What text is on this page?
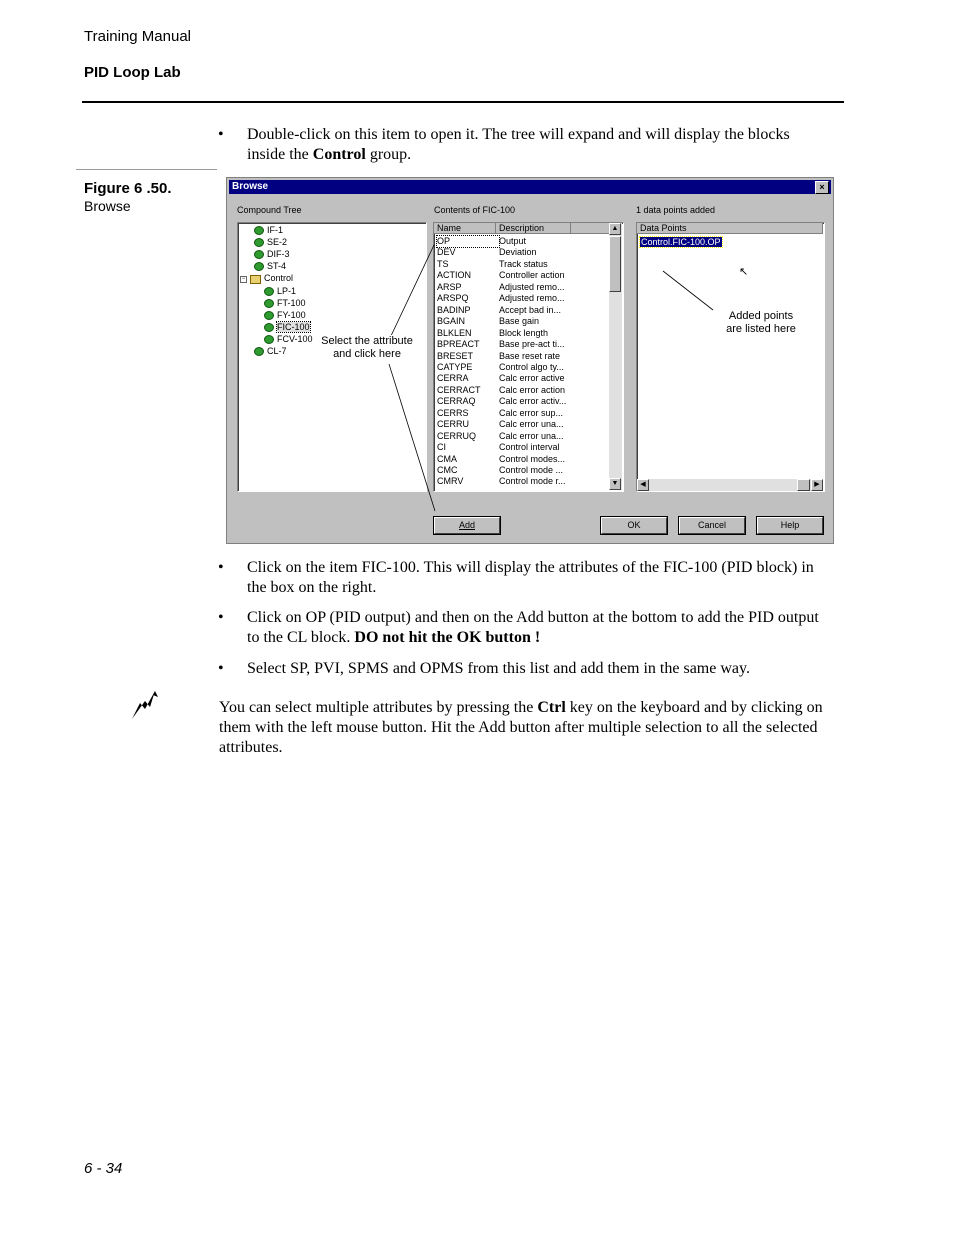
Training Manual
PID Loop Lab
• Double-click on this item to open it. The tree will expand and will display the blocks inside the Control group.
Figure 6 .50.
Browse
Browse	×
Compound Tree	Contents of FIC-100	1 data points added
IF-1
SE-2
DIF-3
ST-4
− Control
LP-1
FT-100
FY-100
FIC-100
FCV-100
CL-7
Name	Description
OP	Output
DEV	Deviation
TS	Track status
ACTION	Controller action
ARSP	Adjusted remo...
ARSPQ	Adjusted remo...
BADINP	Accept bad in...
BGAIN	Base gain
BLKLEN	Block length
BPREACT Base pre-act ti...
BRESET	Base reset rate
CATYPE	Control algo ty...
CERRA	Calc error active
CERRACT Calc error action
CERRAQ	Calc error activ...
CERRS	Calc error sup...
CERRU	Calc error una...
CERRUQ	Calc error una...
CI	Control interval
CMA	Control modes...
CMC	Control mode ...
CMRV	Control mode r...
▲
▼
Data Points
Control.FIC-100.OP
↖
Added points are listed here
◀	▶
Select the attribute and click here
Add	OK	Cancel	Help
• Click on the item FIC-100. This will display the attributes of the FIC-100 (PID block) in the box on the right.
• Click on OP (PID output) and then on the Add button at the bottom to add the PID output to the CL block. DO not hit the OK button !
• Select SP, PVI, SPMS and OPMS from this list and add them in the same way.
You can select multiple attributes by pressing the Ctrl key on the keyboard and by clicking on them with the left mouse button. Hit the Add button after multiple selection to all the selected attributes.
6 - 34
